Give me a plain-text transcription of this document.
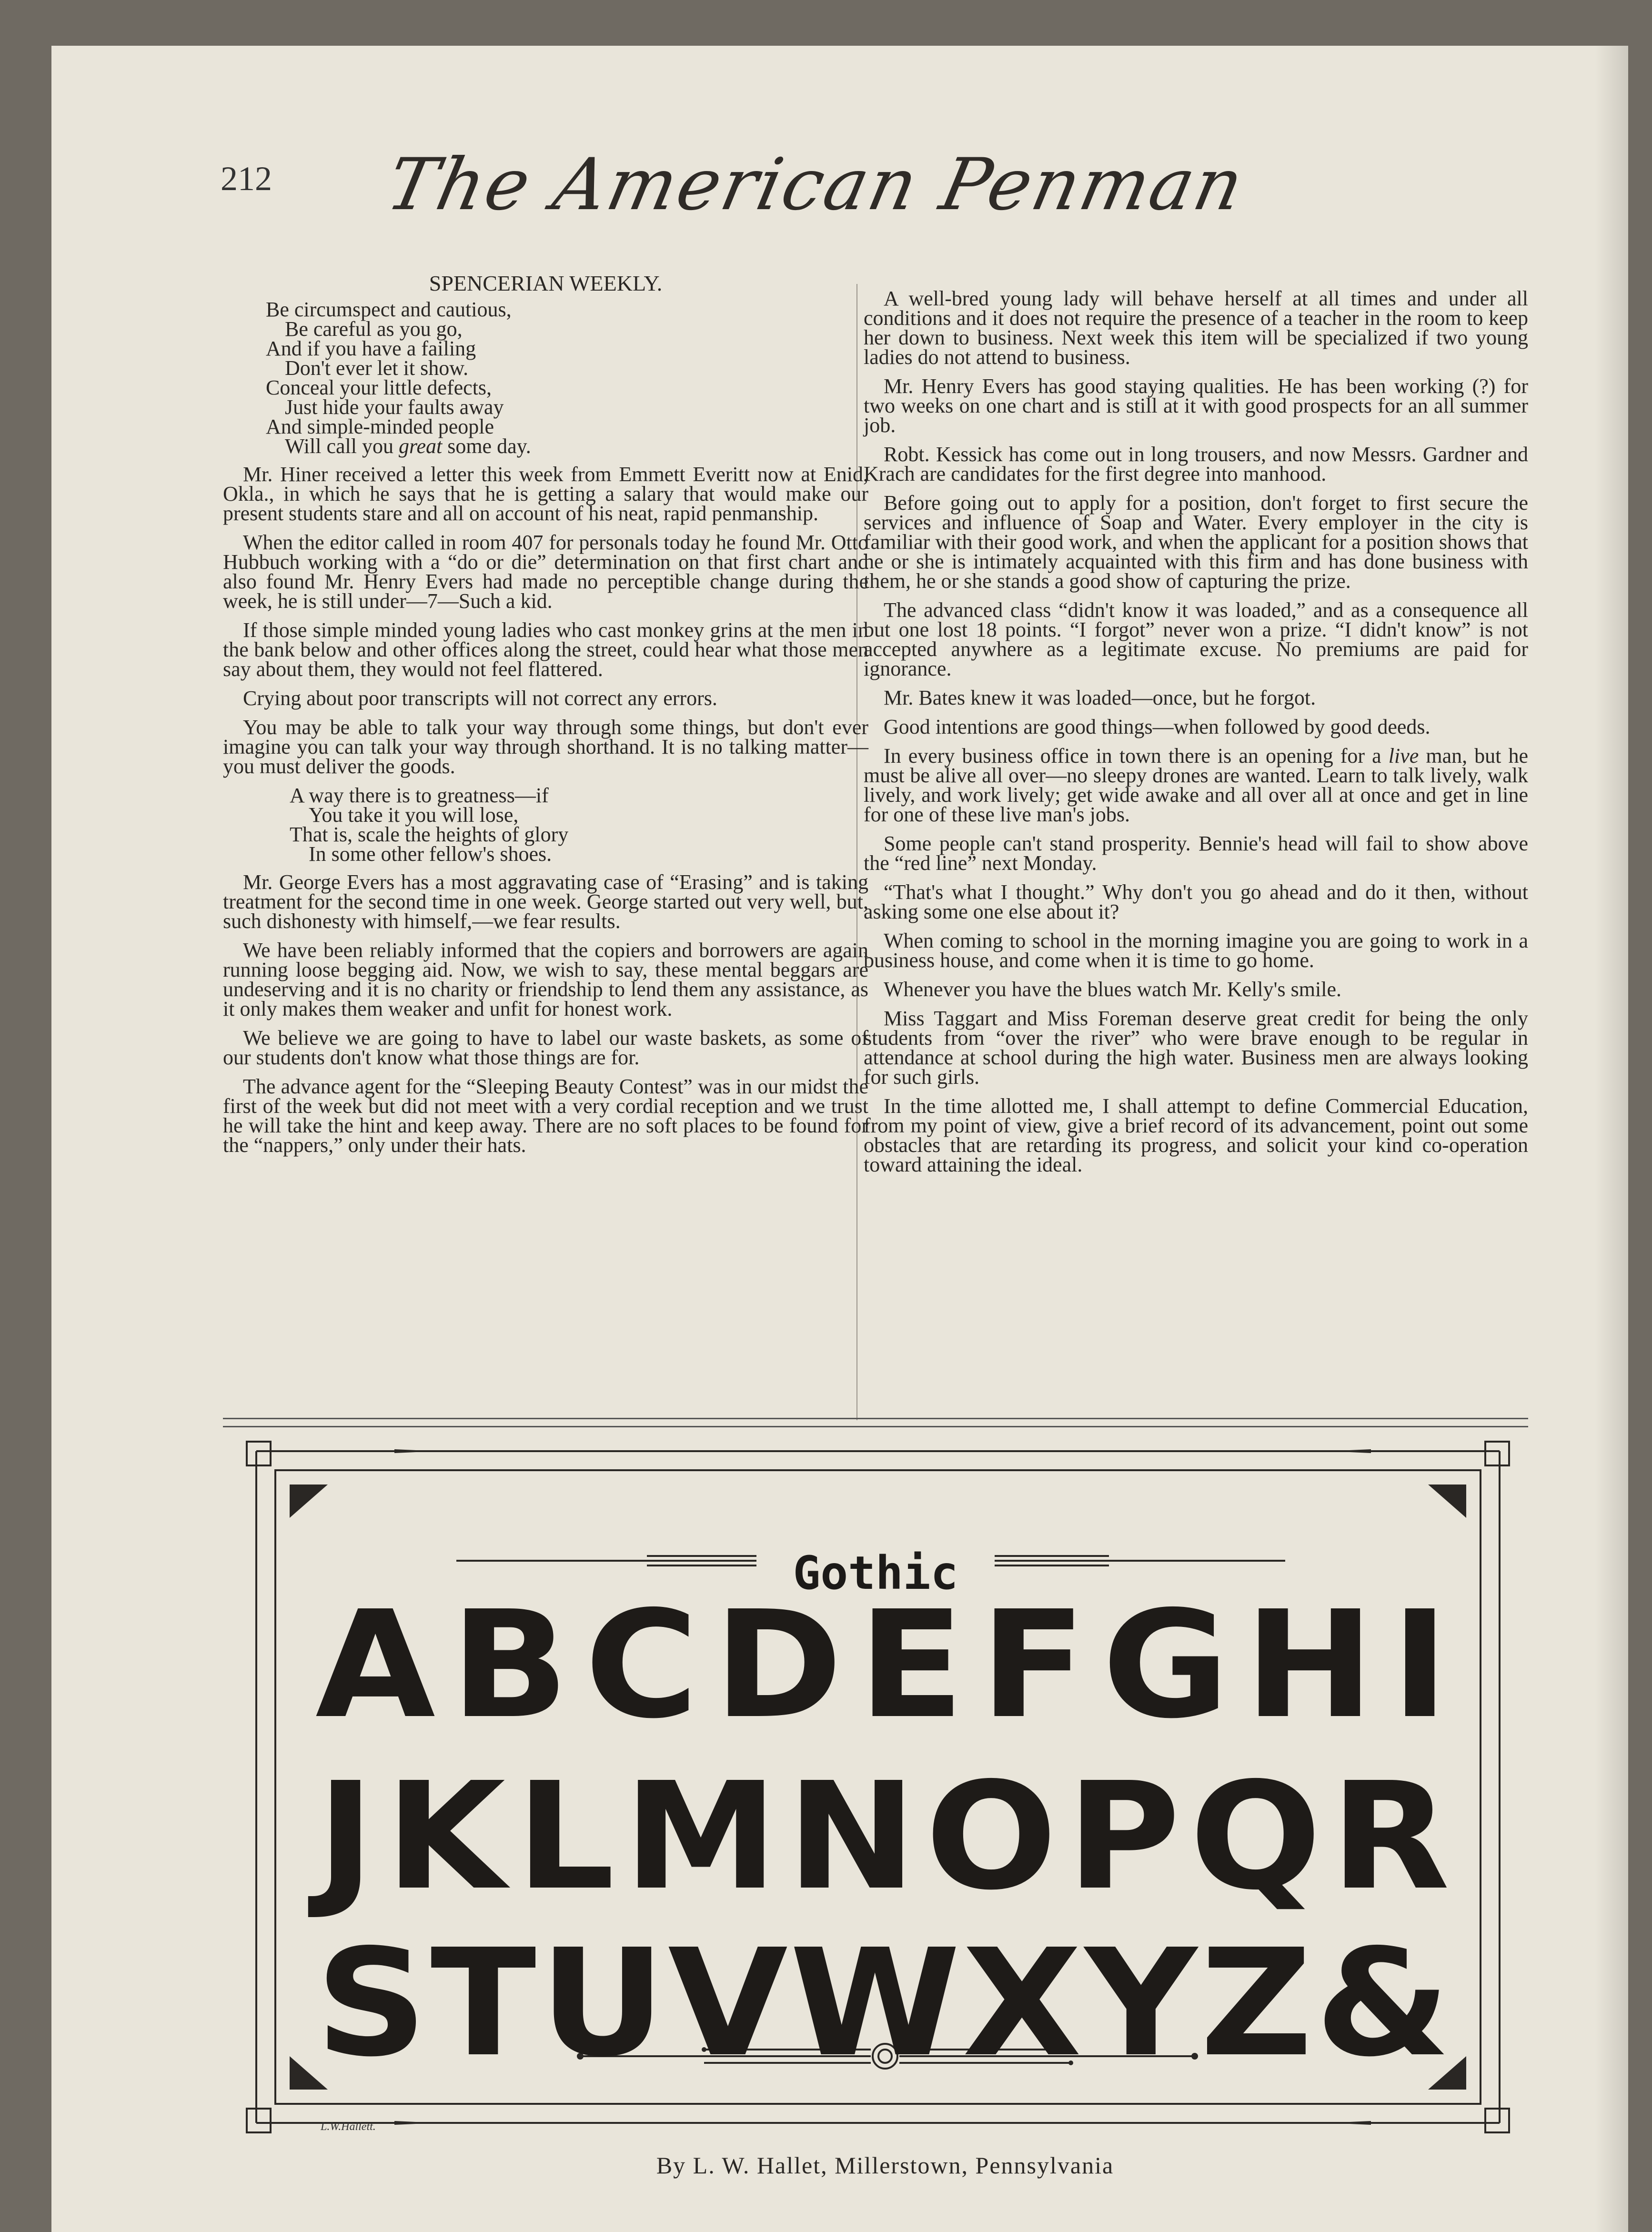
212 The American Penman

SPENCERIAN WEEKLY.

Be circumspect and cautious,
Be careful as you go,
And if you have a failing
Don't ever let it show.
Conceal your little defects,
Just hide your faults away
And simple-minded people
Will call you great some day.

Mr. Hiner received a letter this week from Emmett Everitt now at Enid, Okla., in which he says that he is getting a salary that would make our present students stare and all on account of his neat, rapid penmanship.

When the editor called in room 407 for personals today he found Mr. Otto Hubbuch working with a “do or die” determination on that first chart and also found Mr. Henry Evers had made no perceptible change during the week, he is still under—7—Such a kid.

If those simple minded young ladies who cast monkey grins at the men in the bank below and other offices along the street, could hear what those men say about them, they would not feel flattered.

Crying about poor transcripts will not correct any errors.

You may be able to talk your way through some things, but don't ever imagine you can talk your way through shorthand. It is no talking matter—you must deliver the goods.

A way there is to greatness—if
You take it you will lose,
That is, scale the heights of glory
In some other fellow's shoes.

Mr. George Evers has a most aggravating case of “Erasing” and is taking treatment for the second time in one week. George started out very well, but, such dishonesty with himself,—we fear results.

We have been reliably informed that the copiers and borrowers are again running loose begging aid. Now, we wish to say, these mental beggars are undeserving and it is no charity or friendship to lend them any assistance, as it only makes them weaker and unfit for honest work.

We believe we are going to have to label our waste baskets, as some of our students don't know what those things are for.

The advance agent for the “Sleeping Beauty Contest” was in our midst the first of the week but did not meet with a very cordial reception and we trust he will take the hint and keep away. There are no soft places to be found for the “nappers,” only under their hats.

A well-bred young lady will behave herself at all times and under all conditions and it does not require the presence of a teacher in the room to keep her down to business. Next week this item will be specialized if two young ladies do not attend to business.

Mr. Henry Evers has good staying qualities. He has been working (?) for two weeks on one chart and is still at it with good prospects for an all summer job.

Robt. Kessick has come out in long trousers, and now Messrs. Gardner and Krach are candidates for the first degree into manhood.

Before going out to apply for a position, don't forget to first secure the services and influence of Soap and Water. Every employer in the city is familiar with their good work, and when the applicant for a position shows that he or she is intimately acquainted with this firm and has done business with them, he or she stands a good show of capturing the prize.

The advanced class “didn't know it was loaded,” and as a consequence all but one lost 18 points. “I forgot” never won a prize. “I didn't know” is not accepted anywhere as a legitimate excuse. No premiums are paid for ignorance.

Mr. Bates knew it was loaded—once, but he forgot.

Good intentions are good things—when followed by good deeds.

In every business office in town there is an opening for a live man, but he must be alive all over—no sleepy drones are wanted. Learn to talk lively, walk lively, and work lively; get wide awake and all over all at once and get in line for one of these live man's jobs.

Some people can't stand prosperity. Bennie's head will fail to show above the “red line” next Monday.

“That's what I thought.” Why don't you go ahead and do it then, without asking some one else about it?

When coming to school in the morning imagine you are going to work in a business house, and come when it is time to go home.

Whenever you have the blues watch Mr. Kelly's smile.

Miss Taggart and Miss Foreman deserve great credit for being the only students from “over the river” who were brave enough to be regular in attendance at school during the high water. Business men are always looking for such girls.

In the time allotted me, I shall attempt to define Commercial Education, from my point of view, give a brief record of its advancement, point out some obstacles that are retarding its progress, and solicit your kind co-operation toward attaining the ideal.

Gothic
A B C D E F G H I
J K L M N O P Q R
S T U V W X Y Z &
L.W.Hallett.
By L. W. Hallet, Millerstown, Pennsylvania
